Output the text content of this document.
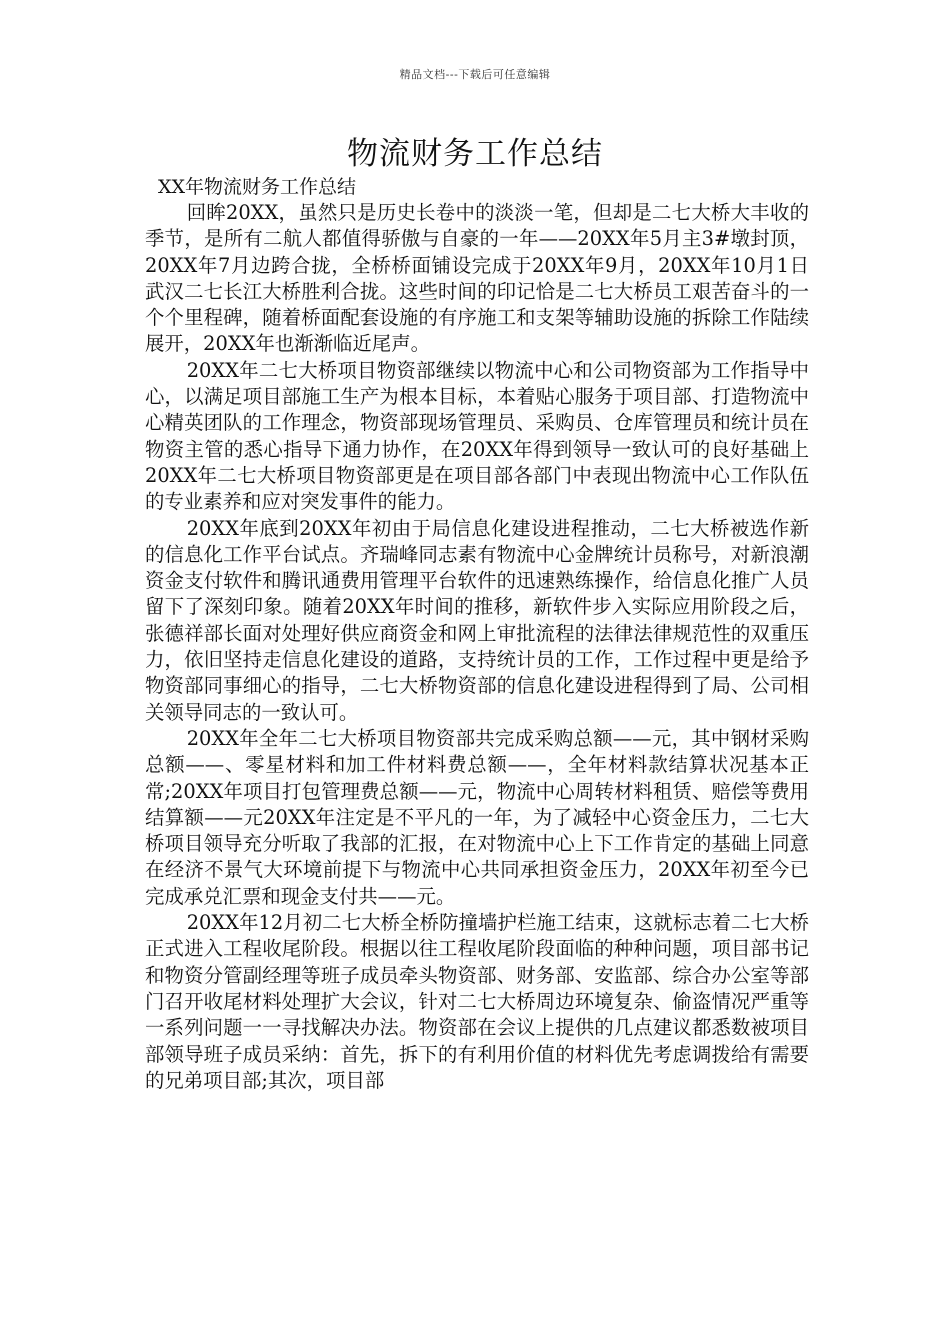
精品文档---下载后可任意编辑
物流财务工作总结
XX年物流财务工作总结

回眸20XX，虽然只是历史长卷中的淡淡一笔，但却是二七大桥大丰收的季节，是所有二航人都值得骄傲与自豪的一年——20XX年5月主3#墩封顶，20XX年7月边跨合拢，全桥桥面铺设完成于20XX年9月，20XX年10月1日武汉二七长江大桥胜利合拢。这些时间的印记恰是二七大桥员工艰苦奋斗的一个个里程碑，随着桥面配套设施的有序施工和支架等辅助设施的拆除工作陆续展开，20XX年也渐渐临近尾声。

20XX年二七大桥项目物资部继续以物流中心和公司物资部为工作指导中心，以满足项目部施工生产为根本目标，本着贴心服务于项目部、打造物流中心精英团队的工作理念，物资部现场管理员、采购员、仓库管理员和统计员在物资主管的悉心指导下通力协作，在20XX年得到领导一致认可的良好基础上20XX年二七大桥项目物资部更是在项目部各部门中表现出物流中心工作队伍的专业素养和应对突发事件的能力。

20XX年底到20XX年初由于局信息化建设进程推动，二七大桥被选作新的信息化工作平台试点。齐瑞峰同志素有物流中心金牌统计员称号，对新浪潮资金支付软件和腾讯通费用管理平台软件的迅速熟练操作，给信息化推广人员留下了深刻印象。随着20XX年时间的推移，新软件步入实际应用阶段之后，张德祥部长面对处理好供应商资金和网上审批流程的法律法律规范性的双重压力，依旧坚持走信息化建设的道路，支持统计员的工作，工作过程中更是给予物资部同事细心的指导，二七大桥物资部的信息化建设进程得到了局、公司相关领导同志的一致认可。

20XX年全年二七大桥项目物资部共完成采购总额——元，其中钢材采购总额——、零星材料和加工件材料费总额——，全年材料款结算状况基本正常;20XX年项目打包管理费总额——元，物流中心周转材料租赁、赔偿等费用结算额——元20XX年注定是不平凡的一年，为了减轻中心资金压力，二七大桥项目领导充分听取了我部的汇报，在对物流中心上下工作肯定的基础上同意在经济不景气大环境前提下与物流中心共同承担资金压力，20XX年初至今已完成承兑汇票和现金支付共——元。

20XX年12月初二七大桥全桥防撞墙护栏施工结束，这就标志着二七大桥正式进入工程收尾阶段。根据以往工程收尾阶段面临的种种问题，项目部书记和物资分管副经理等班子成员牵头物资部、财务部、安监部、综合办公室等部门召开收尾材料处理扩大会议，针对二七大桥周边环境复杂、偷盗情况严重等一系列问题一一寻找解决办法。物资部在会议上提供的几点建议都悉数被项目部领导班子成员采纳：首先，拆下的有利用价值的材料优先考虑调拨给有需要的兄弟项目部;其次，项目部
